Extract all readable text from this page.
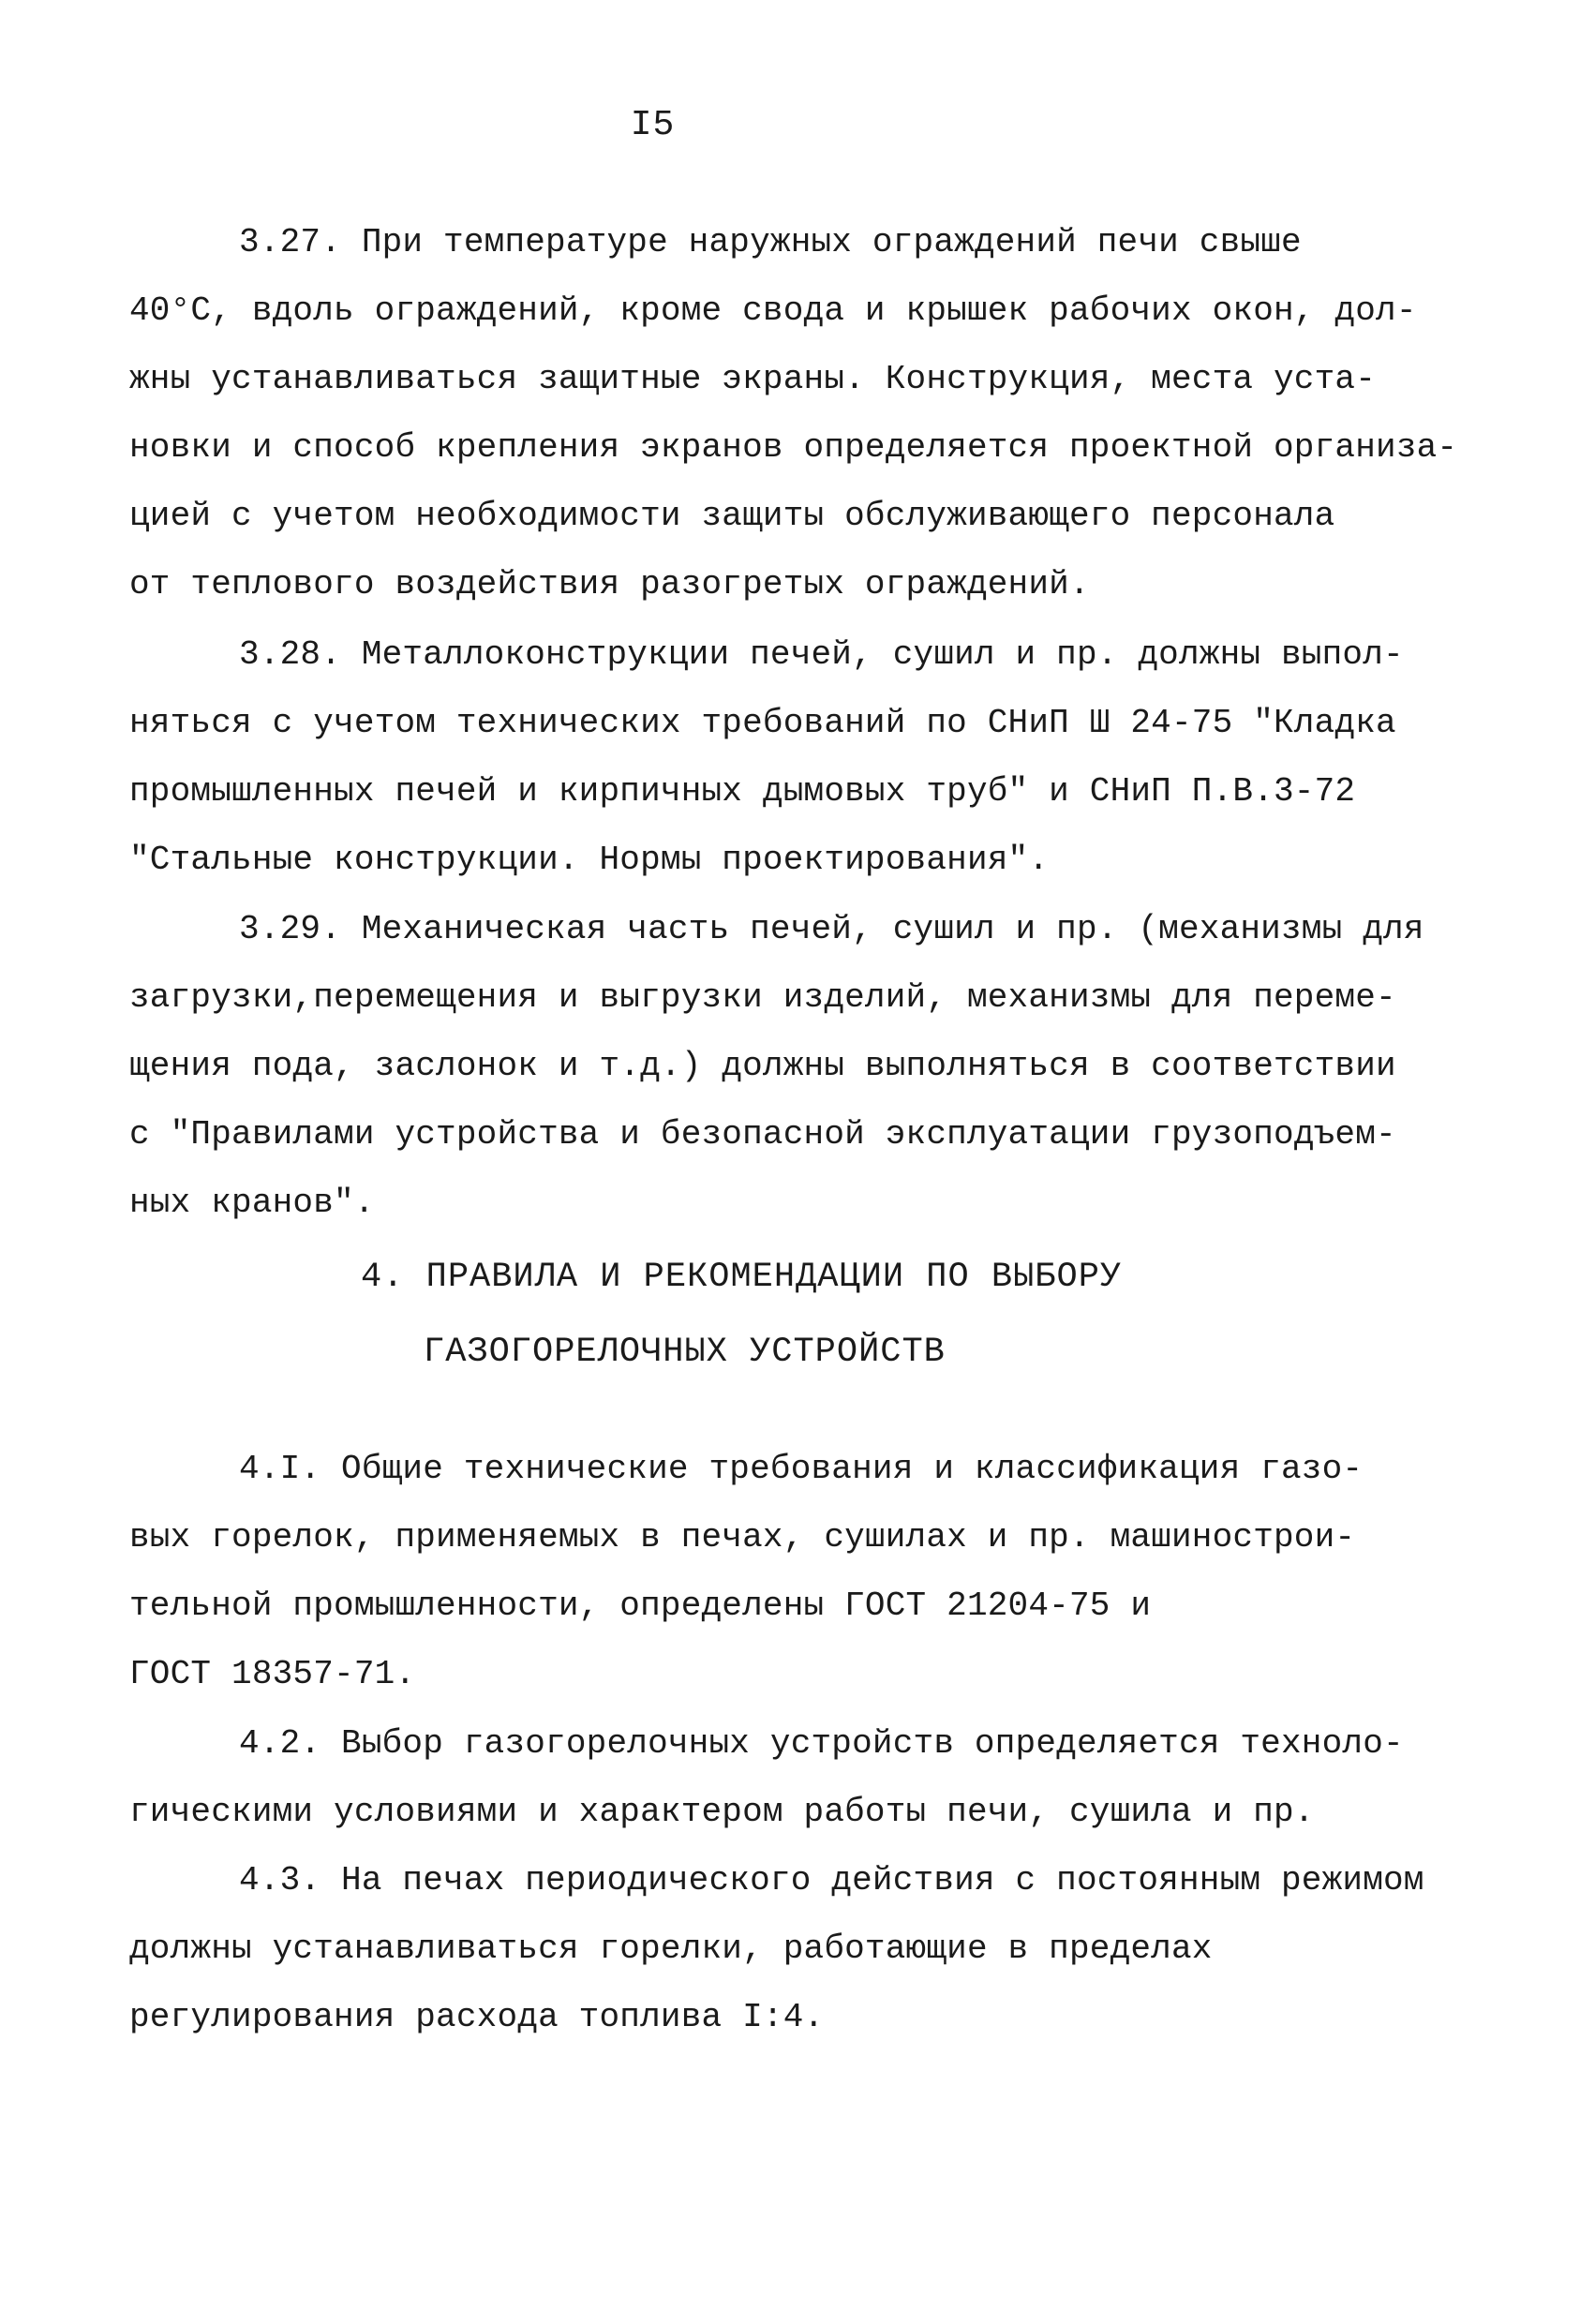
I5
3.27. При температуре наружных ограждений печи свыше
40°С, вдоль ограждений, кроме свода и крышек рабочих окон, дол-
жны устанавливаться защитные экраны. Конструкция, места уста-
новки и способ крепления экранов определяется проектной организа-
цией с учетом необходимости защиты обслуживающего персонала
от теплового воздействия разогретых ограждений.
3.28. Металлоконструкции печей, сушил и пр. должны выпол-
няться с учетом технических требований по СНиП Ш 24-75 "Кладка
промышленных печей и кирпичных дымовых труб" и СНиП П.В.3-72
"Стальные конструкции. Нормы проектирования".
3.29. Механическая часть печей, сушил и пр. (механизмы для
загрузки,перемещения и выгрузки изделий, механизмы для переме-
щения пода, заслонок и т.д.) должны выполняться в соответствии
с "Правилами устройства и безопасной эксплуатации грузоподъем-
ных кранов".
4. ПРАВИЛА И РЕКОМЕНДАЦИИ ПО ВЫБОРУ
ГАЗОГОРЕЛОЧНЫХ УСТРОЙСТВ
4.I. Общие технические требования и классификация газо-
вых горелок, применяемых в печах, сушилах и пр. машинострои-
тельной промышленности, определены ГОСТ 21204-75 и
ГОСТ 18357-71.
4.2. Выбор газогорелочных устройств определяется техноло-
гическими условиями и характером работы печи, сушила и пр.
4.3. На печах периодического действия с постоянным режимом
должны устанавливаться горелки, работающие в пределах
регулирования расхода топлива I:4.
